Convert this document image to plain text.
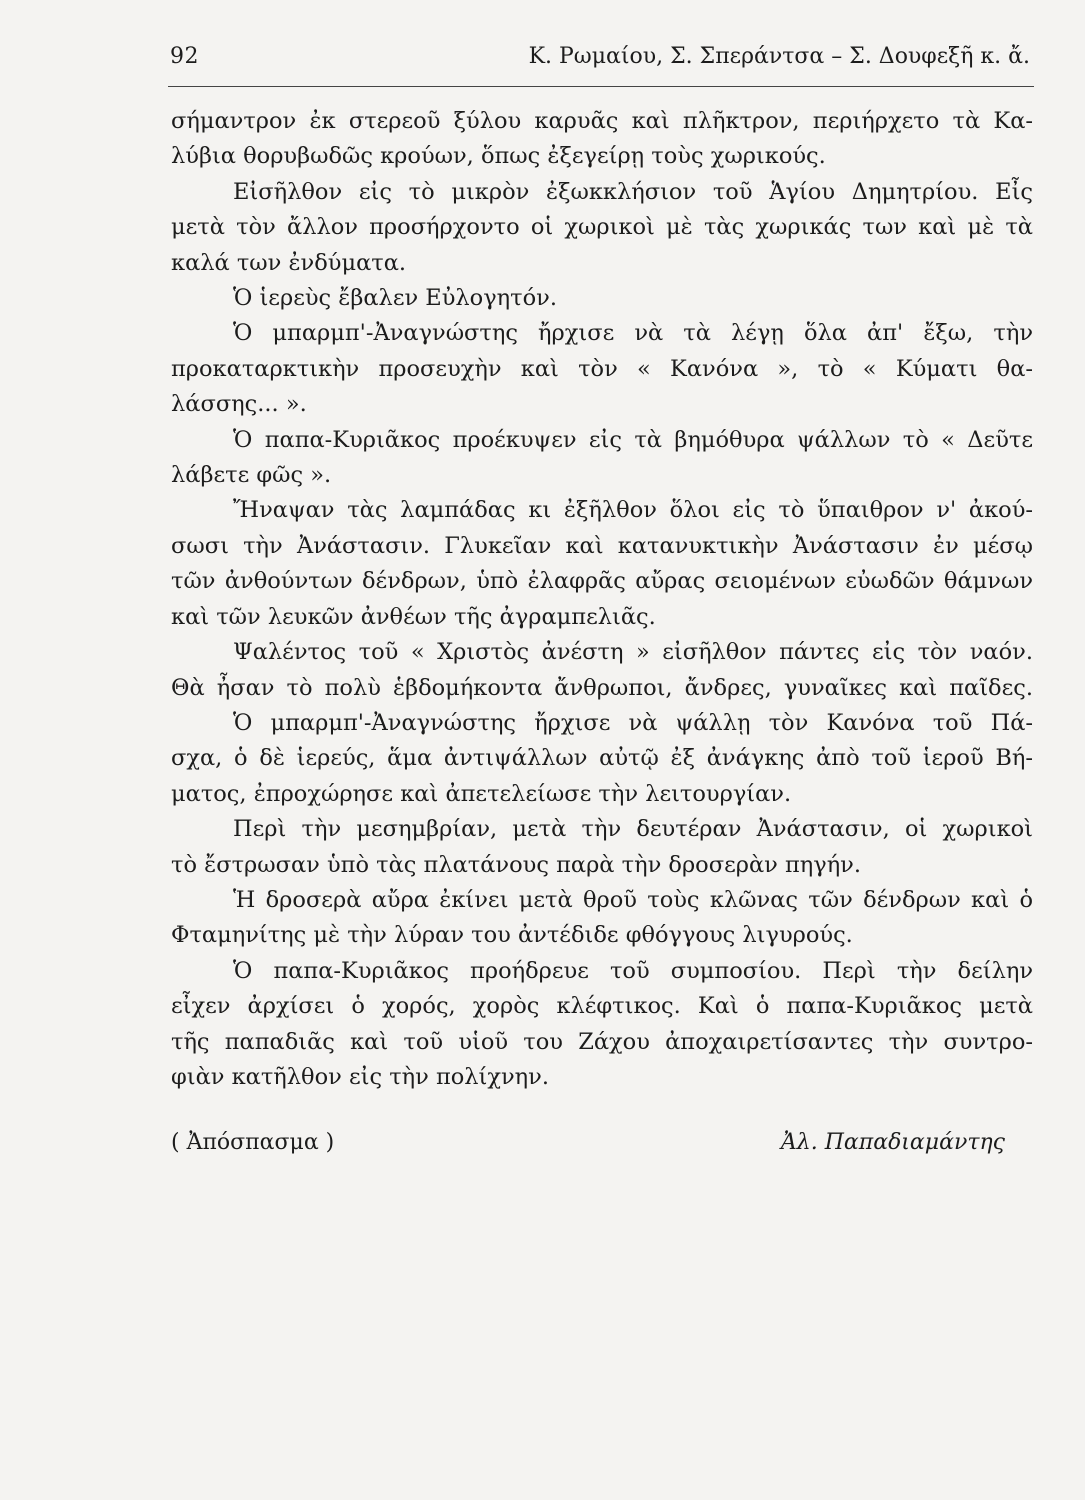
92	Κ. Ρωμαίου, Σ. Σπεράντσα – Σ. Δουφεξῆ κ. ἄ.
σήμαντρον ἐκ στερεοῦ ξύλου καρυᾶς καὶ πλῆκτρον, περιήρχετο τὰ Κα-
λύβια θορυβωδῶς κρούων, ὅπως ἐξεγείρῃ τοὺς χωρικούς.
Εἰσῆλθον εἰς τὸ μικρὸν ἐξωκκλήσιον τοῦ Ἁγίου Δημητρίου. Εἶς
μετὰ τὸν ἄλλον προσήρχοντο οἱ χωρικοὶ μὲ τὰς χωρικάς των καὶ μὲ τὰ
καλά των ἐνδύματα.
Ὁ ἱερεὺς ἔβαλεν Εὐλογητόν.
Ὁ μπαρμπ'-Ἀναγνώστης ἤρχισε νὰ τὰ λέγῃ ὅλα ἀπ' ἔξω, τὴν
προκαταρκτικὴν προσευχὴν καὶ τὸν « Κανόνα », τὸ « Κύματι θα-
λάσσης... ».
Ὁ παπα-Κυριᾶκος προέκυψεν εἰς τὰ βημόθυρα ψάλλων τὸ « Δεῦτε
λάβετε φῶς ».
Ἤναψαν τὰς λαμπάδας κι ἐξῆλθον ὅλοι εἰς τὸ ὕπαιθρον ν' ἀκού-
σωσι τὴν Ἀνάστασιν. Γλυκεῖαν καὶ κατανυκτικὴν Ἀνάστασιν ἐν μέσῳ
τῶν ἀνθούντων δένδρων, ὑπὸ ἐλαφρᾶς αὔρας σειομένων εὐωδῶν θάμνων
καὶ τῶν λευκῶν ἀνθέων τῆς ἀγραμπελιᾶς.
Ψαλέντος τοῦ « Χριστὸς ἀνέστη » εἰσῆλθον πάντες εἰς τὸν ναόν.
Θὰ ἦσαν τὸ πολὺ ἑβδομήκοντα ἄνθρωποι, ἄνδρες, γυναῖκες καὶ παῖδες.
Ὁ μπαρμπ'-Ἀναγνώστης ἤρχισε νὰ ψάλλῃ τὸν Κανόνα τοῦ Πά-
σχα, ὁ δὲ ἱερεύς, ἅμα ἀντιψάλλων αὐτῷ ἐξ ἀνάγκης ἀπὸ τοῦ ἱεροῦ Βή-
ματος, ἐπροχώρησε καὶ ἀπετελείωσε τὴν λειτουργίαν.
Περὶ τὴν μεσημβρίαν, μετὰ τὴν δευτέραν Ἀνάστασιν, οἱ χωρικοὶ
τὸ ἔστρωσαν ὑπὸ τὰς πλατάνους παρὰ τὴν δροσερὰν πηγήν.
Ἡ δροσερὰ αὔρα ἐκίνει μετὰ θροῦ τοὺς κλῶνας τῶν δένδρων καὶ ὁ
Φταμηνίτης μὲ τὴν λύραν του ἀντέδιδε φθόγγους λιγυρούς.
Ὁ παπα-Κυριᾶκος προήδρευε τοῦ συμποσίου. Περὶ τὴν δείλην
εἶχεν ἀρχίσει ὁ χορός, χορὸς κλέφτικος. Καὶ ὁ παπα-Κυριᾶκος μετὰ
τῆς παπαδιᾶς καὶ τοῦ υἱοῦ του Ζάχου ἀποχαιρετίσαντες τὴν συντρο-
φιὰν κατῆλθον εἰς τὴν πολίχνην.
( Ἀπόσπασμα )	Ἀλ. Παπαδιαμάντης
